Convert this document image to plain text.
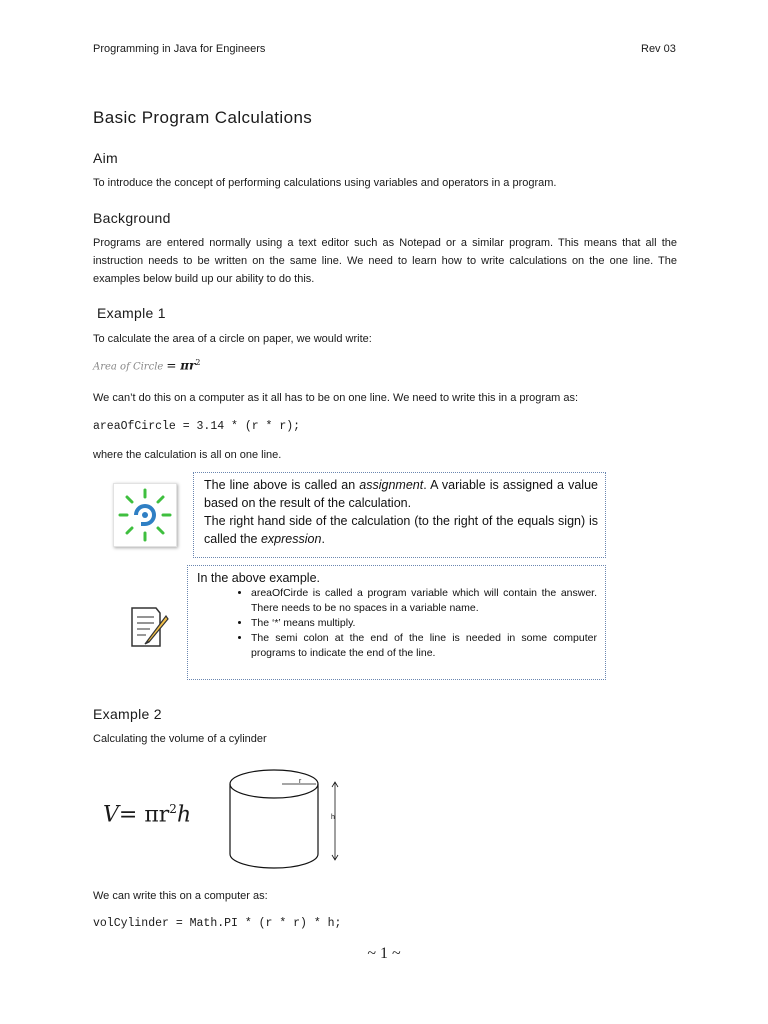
Programming in Java for Engineers	Rev 03
Basic Program Calculations
Aim
To introduce the concept of performing calculations using variables and operators in a program.
Background
Programs are entered normally using a text editor such as Notepad or a similar program. This means that all the instruction needs to be written on the same line. We need to learn how to write calculations on the one line. The examples below build up our ability to do this.
Example 1
To calculate the area of a circle on paper, we would write:
Area of Circle = $\pi r^2$
We can’t do this on a computer as it all has to be on one line. We need to write this in a program as:
areaOfCircle = 3.14 * (r * r);
where the calculation is all on one line.
The line above is called an assignment. A variable is assigned a value based on the result of the calculation.
The right hand side of the calculation (to the right of the equals sign) is called the expression.
In the above example.
• areaOfCirde is called a program variable which will contain the answer. There needs to be no spaces in a variable name.
• The ‘*’ means multiply.
• The semi colon at the end of the line is needed in some computer programs to indicate the end of the line.
Example 2
Calculating the volume of a cylinder
$V= \pi r^2h$
r
h
We can write this on a computer as:
volCylinder = Math.PI * (r * r) * h;
~ 1 ~
